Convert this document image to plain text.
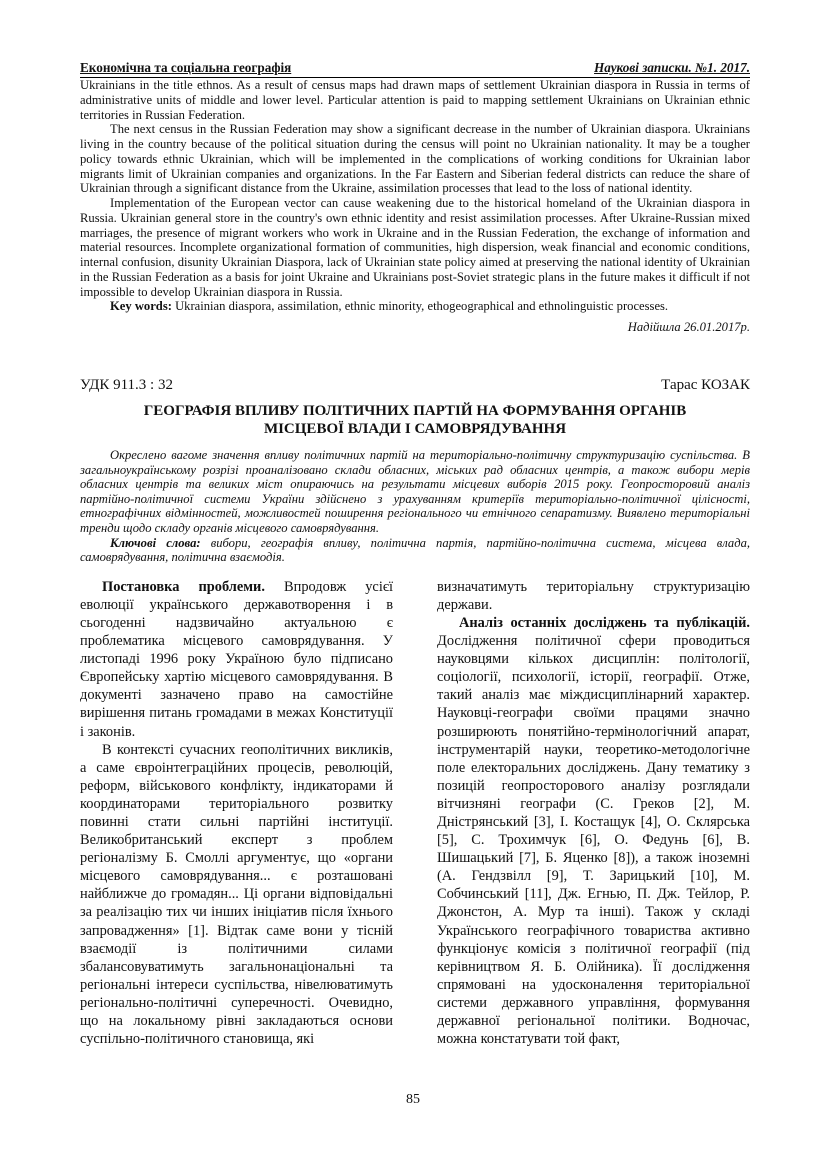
Економічна та соціальна географія	Наукові записки. №1. 2017.

Ukrainians in the title ethnos. As a result of census maps had drawn maps of settlement Ukrainian diaspora in Russia in terms of administrative units of middle and lower level. Particular attention is paid to mapping settlement Ukrainians on Ukrainian ethnic territories in Russian Federation.

The next census in the Russian Federation may show a significant decrease in the number of Ukrainian diaspora. Ukrainians living in the country because of the political situation during the census will point no Ukrainian nationality. It may be a tougher policy towards ethnic Ukrainian, which will be implemented in the complications of working conditions for Ukrainian labor migrants limit of Ukrainian companies and organizations. In the Far Eastern and Siberian federal districts can reduce the share of Ukrainian through a significant distance from the Ukraine, assimilation processes that lead to the loss of national identity.

Implementation of the European vector can cause weakening due to the historical homeland of the Ukrainian diaspora in Russia. Ukrainian general store in the country's own ethnic identity and resist assimilation processes. After Ukraine-Russian mixed marriages, the presence of migrant workers who work in Ukraine and in the Russian Federation, the exchange of information and material resources. Incomplete organizational formation of communities, high dispersion, weak financial and economic conditions, internal confusion, disunity Ukrainian Diaspora, lack of Ukrainian state policy aimed at preserving the national identity of Ukrainian in the Russian Federation as a basis for joint Ukraine and Ukrainians post-Soviet strategic plans in the future makes it difficult if not impossible to develop Ukrainian diaspora in Russia.

Key words: Ukrainian diaspora, assimilation, ethnic minority, ethogeographical and ethnolinguistic processes.

Надійшла 26.01.2017р.
УДК 911.3 : 32	Тарас КОЗАК
ГЕОГРАФІЯ ВПЛИВУ ПОЛІТИЧНИХ ПАРТІЙ НА ФОРМУВАННЯ ОРГАНІВ
МІСЦЕВОЇ ВЛАДИ І САМОВРЯДУВАННЯ

Окреслено вагоме значення впливу політичних партій на територіально-політичну структуризацію суспільства. В загальноукраїнському розрізі проаналізовано склади обласних, міських рад обласних центрів, а також вибори мерів обласних центрів та великих міст опираючись на результати місцевих виборів 2015 року. Геопросторовий аналіз партійно-політичної системи України здійснено з урахуванням критеріїв територіально-політичної цілісності, етнографічних відмінностей, можливостей поширення регіонального чи етнічного сепаратизму. Виявлено територіальні тренди щодо складу органів місцевого самоврядування.

Ключові слова: вибори, географія впливу, політична партія, партійно-політична система, місцева влада, самоврядування, політична взаємодія.

Постановка проблеми. Впродовж усієї еволюції українського державотворення і в сьогоденні надзвичайно актуальною є проблематика місцевого самоврядування. У листопаді 1996 року Україною було підписано Європейську хартію місцевого самоврядування. В документі зазначено право на самостійне вирішення питань громадами в межах Конституції і законів.

В контексті сучасних геополітичних викликів, а саме євроінтеграційних процесів, революцій, реформ, військового конфлікту, індикаторами й координаторами територіального розвитку повинні стати сильні партійні інституції. Великобританський експерт з проблем регіоналізму Б. Смоллі аргументує, що «органи місцевого самоврядування... є розташовані найближче до громадян... Ці органи відповідальні за реалізацію тих чи інших ініціатив після їхнього запровадження» [1]. Відтак саме вони у тісній взаємодії із політичними силами збалансовуватимуть загальнонаціональні та регіональні інтереси суспільства, нівелюватимуть регіонально-політичні суперечності. Очевидно, що на локальному рівні закладаються основи суспільно-політичного становища, які

визначатимуть територіальну структуризацію держави.

Аналіз останніх досліджень та публікацій. Дослідження політичної сфери проводиться науковцями кількох дисциплін: політології, соціології, психології, історії, географії. Отже, такий аналіз має міждисциплінарний характер. Науковці-географи своїми працями значно розширюють понятійно-термінологічний апарат, інструментарій науки, теоретико-методологічне поле електоральних досліджень. Дану тематику з позицій геопросторового аналізу розглядали вітчизняні географи (С. Греков [2], М. Дністрянський [3], І. Костащук [4], О. Склярська [5], С. Трохимчук [6], О. Федунь [6], В. Шишацький [7], Б. Яценко [8]), а також іноземні (А. Гендзвілл [9], Т. Зарицький [10], М. Собчинський [11], Дж. Егнью, П. Дж. Тейлор, Р. Джонстон, А. Мур та інші). Також у складі Українського географічного товариства активно функціонує комісія з політичної географії (під керівництвом Я. Б. Олійника). Її дослідження спрямовані на удосконалення територіальної системи державного управління, формування державної регіональної політики. Водночас, можна констатувати той факт,

85
